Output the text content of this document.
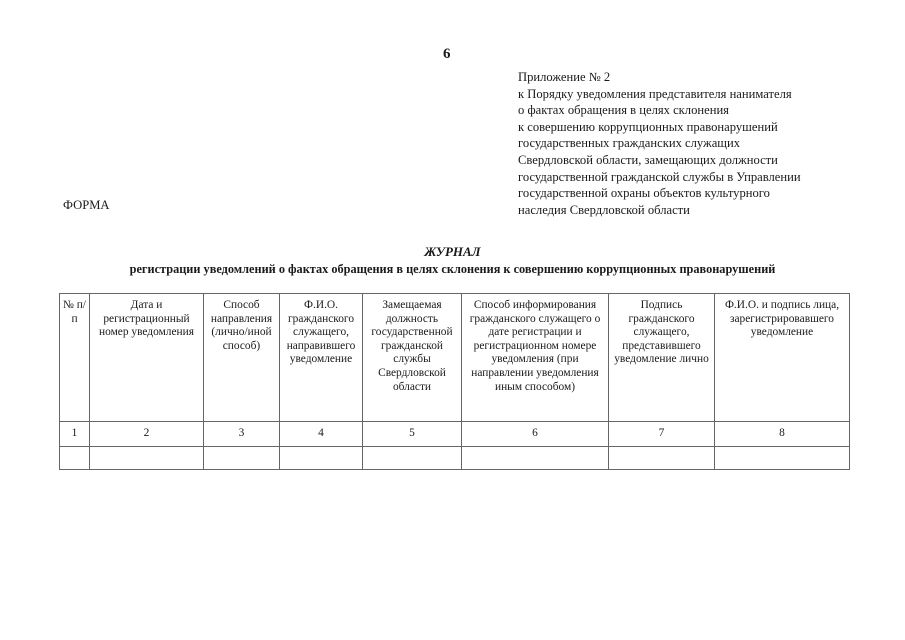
6
Приложение № 2
к Порядку уведомления представителя нанимателя
о фактах обращения в целях склонения
к совершению коррупционных правонарушений
государственных гражданских служащих
Свердловской области, замещающих должности
государственной гражданской службы в Управлении
государственной охраны объектов культурного
наследия Свердловской области
ФОРМА
ЖУРНАЛ
регистрации уведомлений о фактах обращения в целях склонения к совершению коррупционных правонарушений
№ п/п	Дата и регистрационный номер уведомления	Способ направления (лично/иной способ)	Ф.И.О. гражданского служащего, направившего уведомление	Замещаемая должность государственной гражданской службы Свердловской области	Способ информирования гражданского служащего о дате регистрации и регистрационном номере уведомления (при направлении уведомления иным способом)	Подпись гражданского служащего, представившего уведомление лично	Ф.И.О. и подпись лица, зарегистрировавшего уведомление
1	2	3	4	5	6	7	8
